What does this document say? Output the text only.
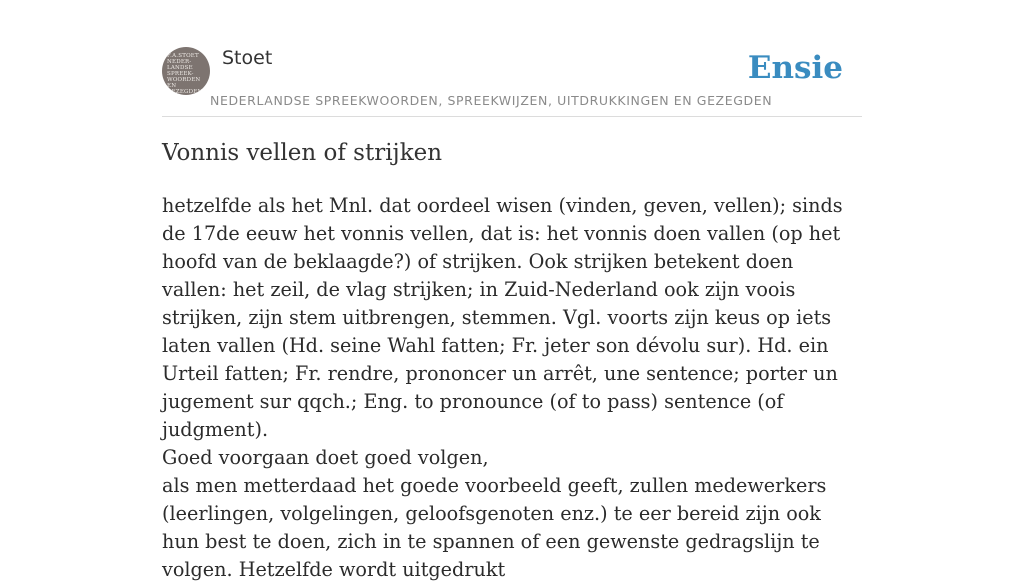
F.A.STOET
NEDER-
LANDSE
SPREEK-
WOORDEN EN
GEZEGDEN
Stoet
NEDERLANDSE SPREEKWOORDEN, SPREEKWIJZEN, UITDRUKKINGEN EN GEZEGDEN
Ensie
Vonnis vellen of strijken

hetzelfde als het Mnl. dat oordeel wisen (vinden, geven, vellen); sinds de 17de eeuw het vonnis vellen, dat is: het vonnis doen vallen (op het hoofd van de beklaagde?) of strijken. Ook strijken betekent doen vallen: het zeil, de vlag strijken; in Zuid-Nederland ook zijn voois strijken, zijn stem uitbrengen, stemmen. Vgl. voorts zijn keus op iets laten vallen (Hd. seine Wahl fatten; Fr. jeter son dévolu sur). Hd. ein Urteil fatten; Fr. rendre, prononcer un arrêt, une sentence; porter un jugement sur qqch.; Eng. to pronounce (of to pass) sentence (of judgment).

Goed voorgaan doet goed volgen,

als men metterdaad het goede voorbeeld geeft, zullen medewerkers (leerlingen, volgelingen, geloofsgenoten enz.) te eer bereid zijn ook hun best te doen, zich in te spannen of een gewenste gedragslijn te volgen. Hetzelfde wordt uitgedrukt
